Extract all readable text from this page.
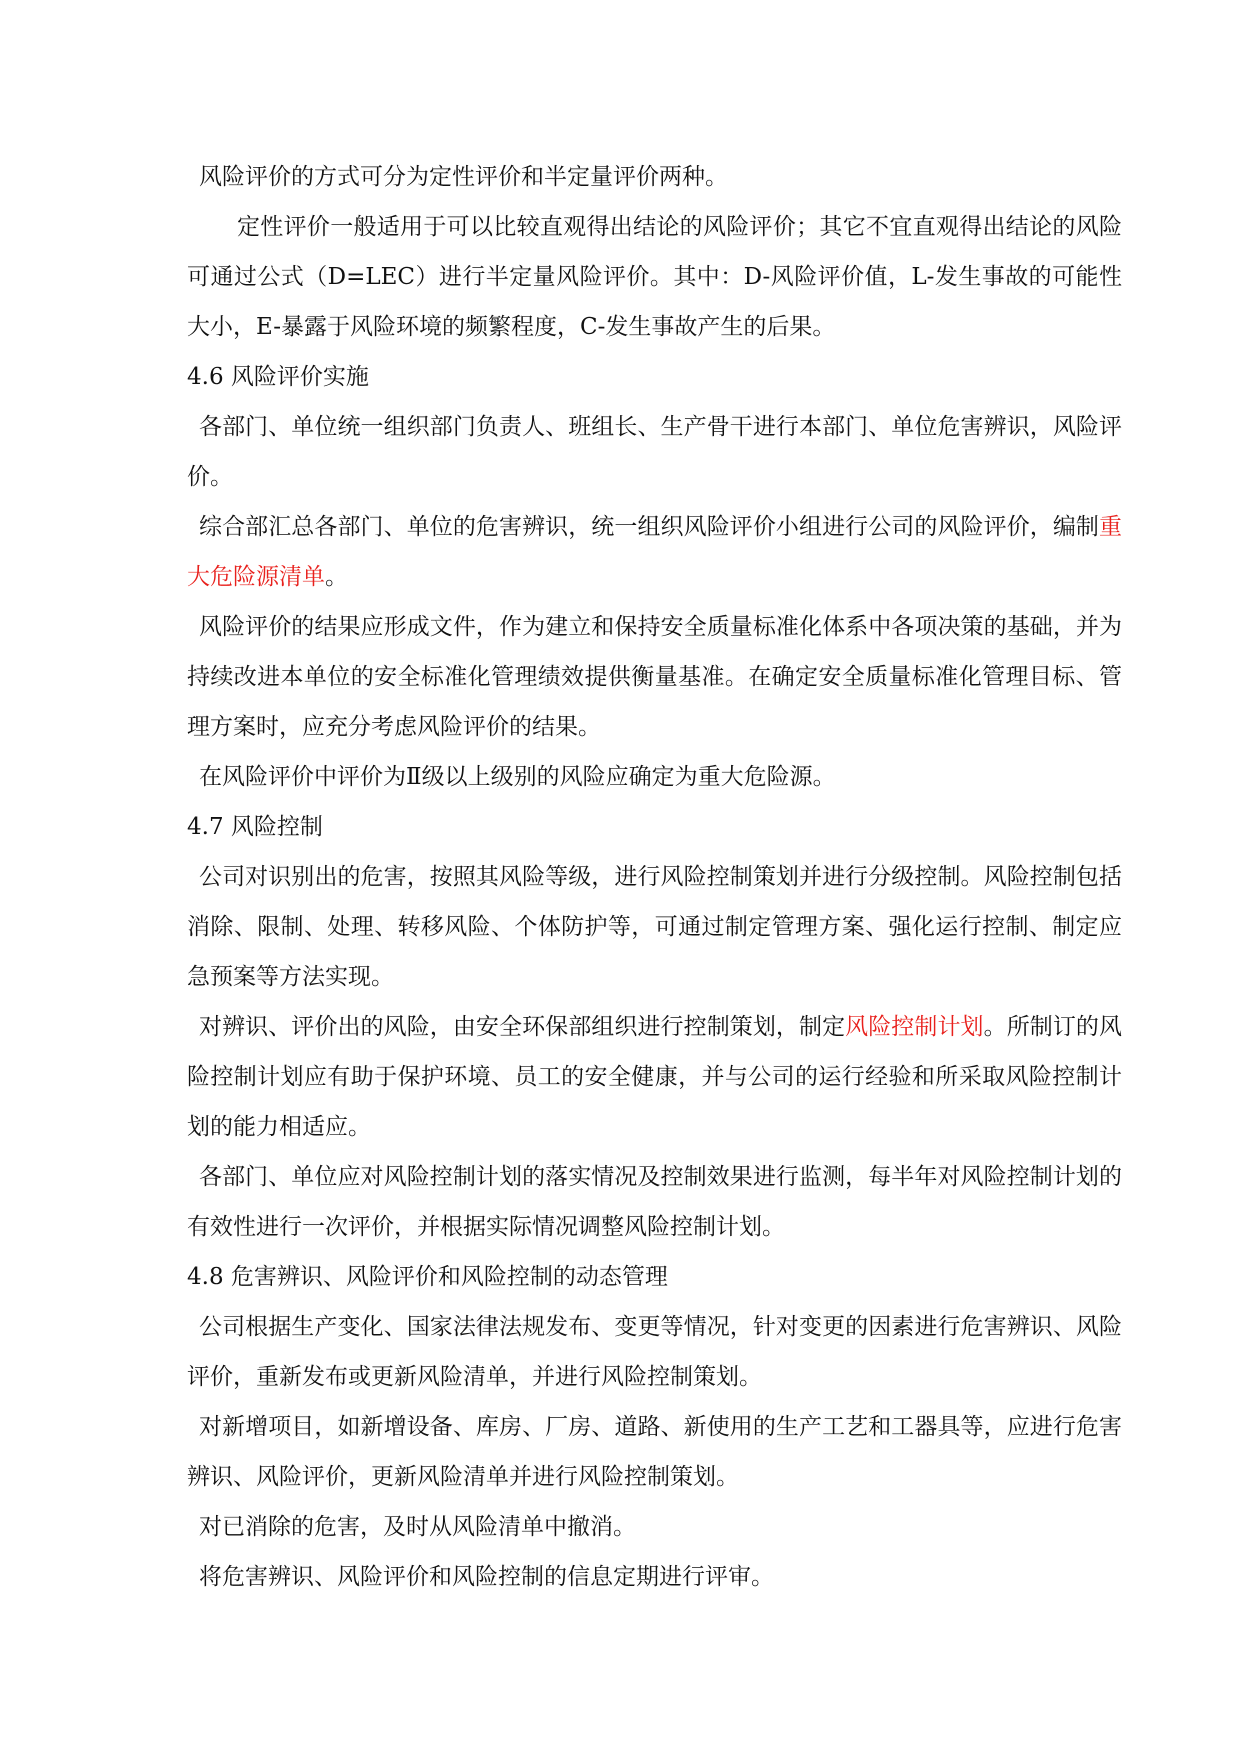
风险评价的方式可分为定性评价和半定量评价两种。

定性评价一般适用于可以比较直观得出结论的风险评价；其它不宜直观得出结论的风险可通过公式（D=LEC）进行半定量风险评价。其中：D-风险评价值，L-发生事故的可能性大小，E-暴露于风险环境的频繁程度，C-发生事故产生的后果。

4.6 风险评价实施

各部门、单位统一组织部门负责人、班组长、生产骨干进行本部门、单位危害辨识，风险评价。

综合部汇总各部门、单位的危害辨识，统一组织风险评价小组进行公司的风险评价，编制重大危险源清单。

风险评价的结果应形成文件，作为建立和保持安全质量标准化体系中各项决策的基础，并为持续改进本单位的安全标准化管理绩效提供衡量基准。在确定安全质量标准化管理目标、管理方案时，应充分考虑风险评价的结果。

在风险评价中评价为Ⅱ级以上级别的风险应确定为重大危险源。

4.7 风险控制

公司对识别出的危害，按照其风险等级，进行风险控制策划并进行分级控制。风险控制包括消除、限制、处理、转移风险、个体防护等，可通过制定管理方案、强化运行控制、制定应急预案等方法实现。

对辨识、评价出的风险，由安全环保部组织进行控制策划，制定风险控制计划。所制订的风险控制计划应有助于保护环境、员工的安全健康，并与公司的运行经验和所采取风险控制计划的能力相适应。

各部门、单位应对风险控制计划的落实情况及控制效果进行监测，每半年对风险控制计划的有效性进行一次评价，并根据实际情况调整风险控制计划。

4.8 危害辨识、风险评价和风险控制的动态管理

公司根据生产变化、国家法律法规发布、变更等情况，针对变更的因素进行危害辨识、风险评价，重新发布或更新风险清单，并进行风险控制策划。

对新增项目，如新增设备、库房、厂房、道路、新使用的生产工艺和工器具等，应进行危害辨识、风险评价，更新风险清单并进行风险控制策划。

对已消除的危害，及时从风险清单中撤消。

将危害辨识、风险评价和风险控制的信息定期进行评审。
